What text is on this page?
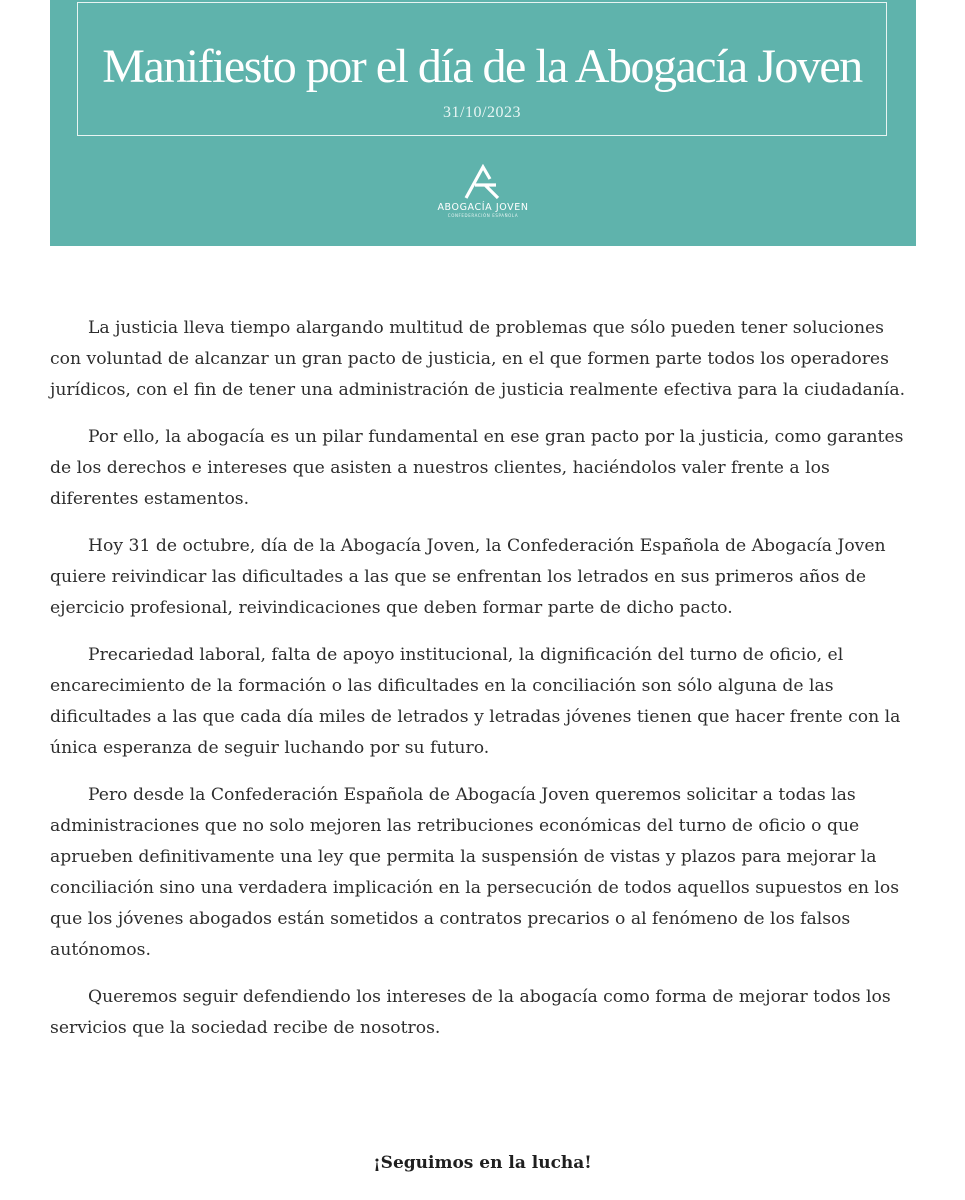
Manifiesto por el día de la Abogacía Joven
31/10/2023
ABOGACÍA JOVEN
CONFEDERACIÓN ESPAÑOLA

La justicia lleva tiempo alargando multitud de problemas que sólo pueden tener soluciones con voluntad de alcanzar un gran pacto de justicia, en el que formen parte todos los operadores jurídicos, con el fin de tener una administración de justicia realmente efectiva para la ciudadanía.

Por ello, la abogacía es un pilar fundamental en ese gran pacto por la justicia, como garantes de los derechos e intereses que asisten a nuestros clientes, haciéndolos valer frente a los diferentes estamentos.

Hoy 31 de octubre, día de la Abogacía Joven, la Confederación Española de Abogacía Joven quiere reivindicar las dificultades a las que se enfrentan los letrados en sus primeros años de ejercicio profesional, reivindicaciones que deben formar parte de dicho pacto.

Precariedad laboral, falta de apoyo institucional, la dignificación del turno de oficio, el encarecimiento de la formación o las dificultades en la conciliación son sólo alguna de las dificultades a las que cada día miles de letrados y letradas jóvenes tienen que hacer frente con la única esperanza de seguir luchando por su futuro.

Pero desde la Confederación Española de Abogacía Joven queremos solicitar a todas las administraciones que no solo mejoren las retribuciones económicas del turno de oficio o que aprueben definitivamente una ley que permita la suspensión de vistas y plazos para mejorar la conciliación sino una verdadera implicación en la persecución de todos aquellos supuestos en los que los jóvenes abogados están sometidos a contratos precarios o al fenómeno de los falsos autónomos.

Queremos seguir defendiendo los intereses de la abogacía como forma de mejorar todos los servicios que la sociedad recibe de nosotros.

¡Seguimos en la lucha!
